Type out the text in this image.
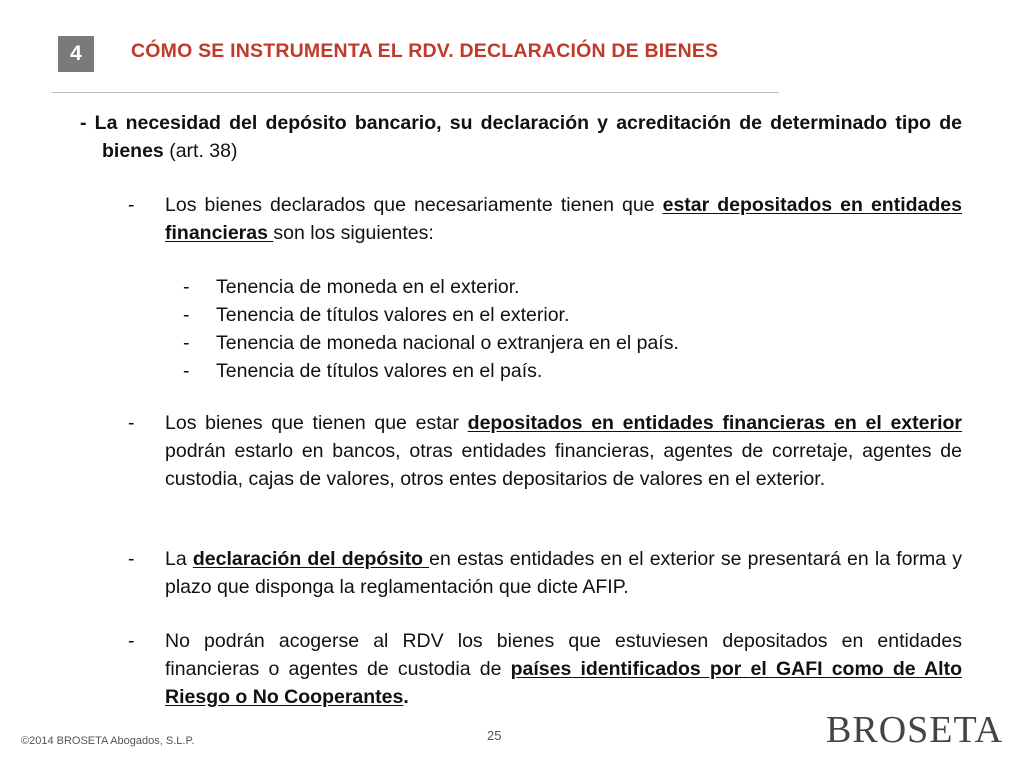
4	CÓMO SE INSTRUMENTA EL RDV. DECLARACIÓN DE BIENES
- La necesidad del depósito bancario, su declaración y acreditación de determinado tipo de bienes (art. 38)
-	Los bienes declarados que necesariamente tienen que estar depositados en entidades financieras son los siguientes:
-	Tenencia de moneda en el exterior.
-	Tenencia de títulos valores en el exterior.
-	Tenencia de moneda nacional o extranjera en el país.
-	Tenencia de títulos valores en el país.
-	Los bienes que tienen que estar depositados en entidades financieras en el exterior podrán estarlo en bancos, otras entidades financieras, agentes de corretaje, agentes de custodia, cajas de valores, otros entes depositarios de valores en el exterior.
-	La declaración del depósito en estas entidades en el exterior se presentará en la forma y plazo que disponga la reglamentación que dicte AFIP.
-	No podrán acogerse al RDV los bienes que estuviesen depositados en entidades financieras o agentes de custodia de países identificados por el GAFI como de Alto Riesgo o No Cooperantes.
©2014 BROSETA Abogados, S.L.P.	25	BROSETA
